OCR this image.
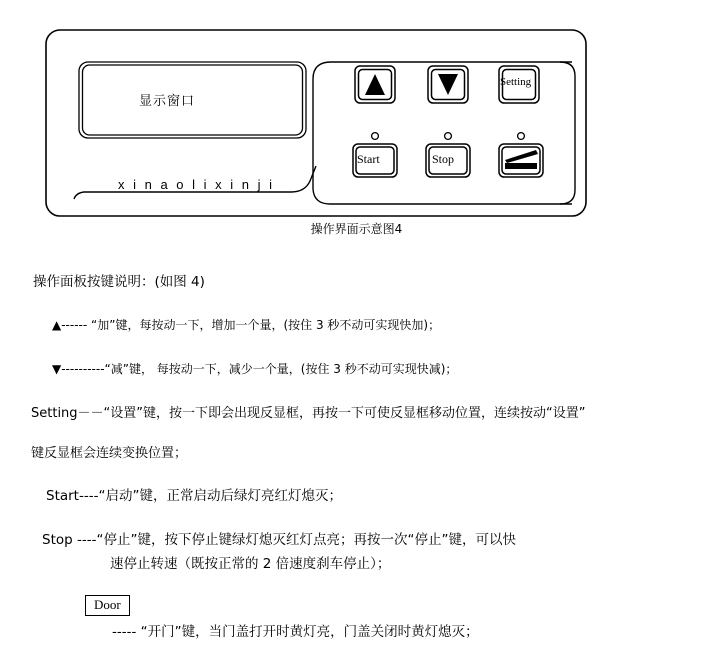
显示窗口
x i n a o l i x i n j i
Setting
Start	Stop
Door
操作界面示意图4
操作面板按键说明：(如图 4)
▲------ “加”键，每按动一下，增加一个量，(按住 3 秒不动可实现快加)；
▼----------“减”键， 每按动一下，减少一个量，(按住 3 秒不动可实现快减)；
Setting－－“设置”键，按一下即会出现反显框，再按一下可使反显框移动位置，连续按动“设置”
键反显框会连续变换位置；
Start----“启动”键，正常启动后绿灯亮红灯熄灭；
Stop ----“停止”键，按下停止键绿灯熄灭红灯点亮；再按一次“停止”键，可以快
速停止转速（既按正常的 2 倍速度刹车停止）；
Door
----- “开门”键，当门盖打开时黄灯亮，门盖关闭时黄灯熄灭；
